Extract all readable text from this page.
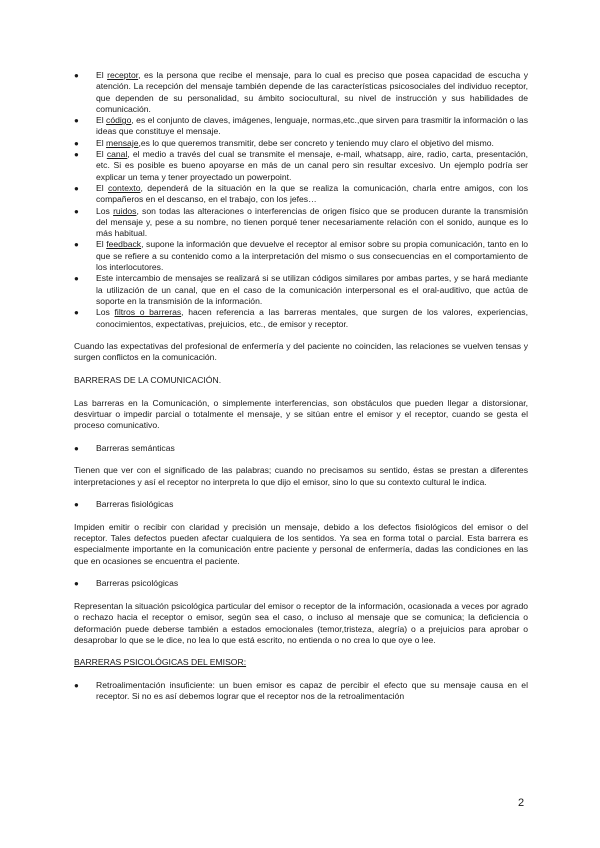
● El receptor, es la persona que recibe el mensaje, para lo cual es preciso que posea capacidad de escucha y atención. La recepción del mensaje también depende de las características psicosociales del individuo receptor, que dependen de su personalidad, su ámbito sociocultural, su nivel de instrucción y sus habilidades de comunicación.
● El código, es el conjunto de claves, imágenes, lenguaje, normas,etc.,que sirven para trasmitir la información o las ideas que constituye el mensaje.
● El mensaje,es lo que queremos transmitir, debe ser concreto y teniendo muy claro el objetivo del mismo.
● El canal, el medio a través del cual se transmite el mensaje, e-mail, whatsapp, aire, radio, carta, presentación, etc. Si es posible es bueno apoyarse en más de un canal pero sin resultar excesivo. Un ejemplo podría ser explicar un tema y tener proyectado un powerpoint.
● El contexto, dependerá de la situación en la que se realiza la comunicación, charla entre amigos, con los compañeros en el descanso, en el trabajo, con los jefes…
● Los ruidos, son todas las alteraciones o interferencias de origen físico que se producen durante la transmisión del mensaje y, pese a su nombre, no tienen porqué tener necesariamente relación con el sonido, aunque es lo más habitual.
● El feedback, supone la información que devuelve el receptor al emisor sobre su propia comunicación, tanto en lo que se refiere a su contenido como a la interpretación del mismo o sus consecuencias en el comportamiento de los interlocutores.
● Este intercambio de mensajes se realizará si se utilizan códigos similares por ambas partes, y se hará mediante la utilización de un canal, que en el caso de la comunicación interpersonal es el oral-auditivo, que actúa de soporte en la transmisión de la información.
● Los filtros o barreras, hacen referencia a las barreras mentales, que surgen de los valores, experiencias, conocimientos, expectativas, prejuicios, etc., de emisor y receptor.

Cuando las expectativas del profesional de enfermería y del paciente no coinciden, las relaciones se vuelven tensas y surgen conflictos en la comunicación.

BARRERAS DE LA COMUNICACIÓN.

Las barreras en la Comunicación, o simplemente interferencias, son obstáculos que pueden llegar a distorsionar, desvirtuar o impedir parcial o totalmente el mensaje, y se sitúan entre el emisor y el receptor, cuando se gesta el proceso comunicativo.

● Barreras semánticas

Tienen que ver con el significado de las palabras; cuando no precisamos su sentido, éstas se prestan a diferentes interpretaciones y así el receptor no interpreta lo que dijo el emisor, sino lo que su contexto cultural le indica.

● Barreras fisiológicas

Impiden emitir o recibir con claridad y precisión un mensaje, debido a los defectos fisiológicos del emisor o del receptor. Tales defectos pueden afectar cualquiera de los sentidos. Ya sea en forma total o parcial. Esta barrera es especialmente importante en la comunicación entre paciente y personal de enfermería, dadas las condiciones en las que en ocasiones se encuentra el paciente.

● Barreras psicológicas

Representan la situación psicológica particular del emisor o receptor de la información, ocasionada a veces por agrado o rechazo hacia el receptor o emisor, según sea el caso, o incluso al mensaje que se comunica; la deficiencia o deformación puede deberse también a estados emocionales (temor,tristeza, alegría) o a prejuicios para aprobar o desaprobar lo que se le dice, no lea lo que está escrito, no entienda o no crea lo que oye o lee.

BARRERAS PSICOLÓGICAS DEL EMISOR:

● Retroalimentación insuficiente: un buen emisor es capaz de percibir el efecto que su mensaje causa en el receptor. Si no es así debemos lograr que el receptor nos de la retroalimentación
2
